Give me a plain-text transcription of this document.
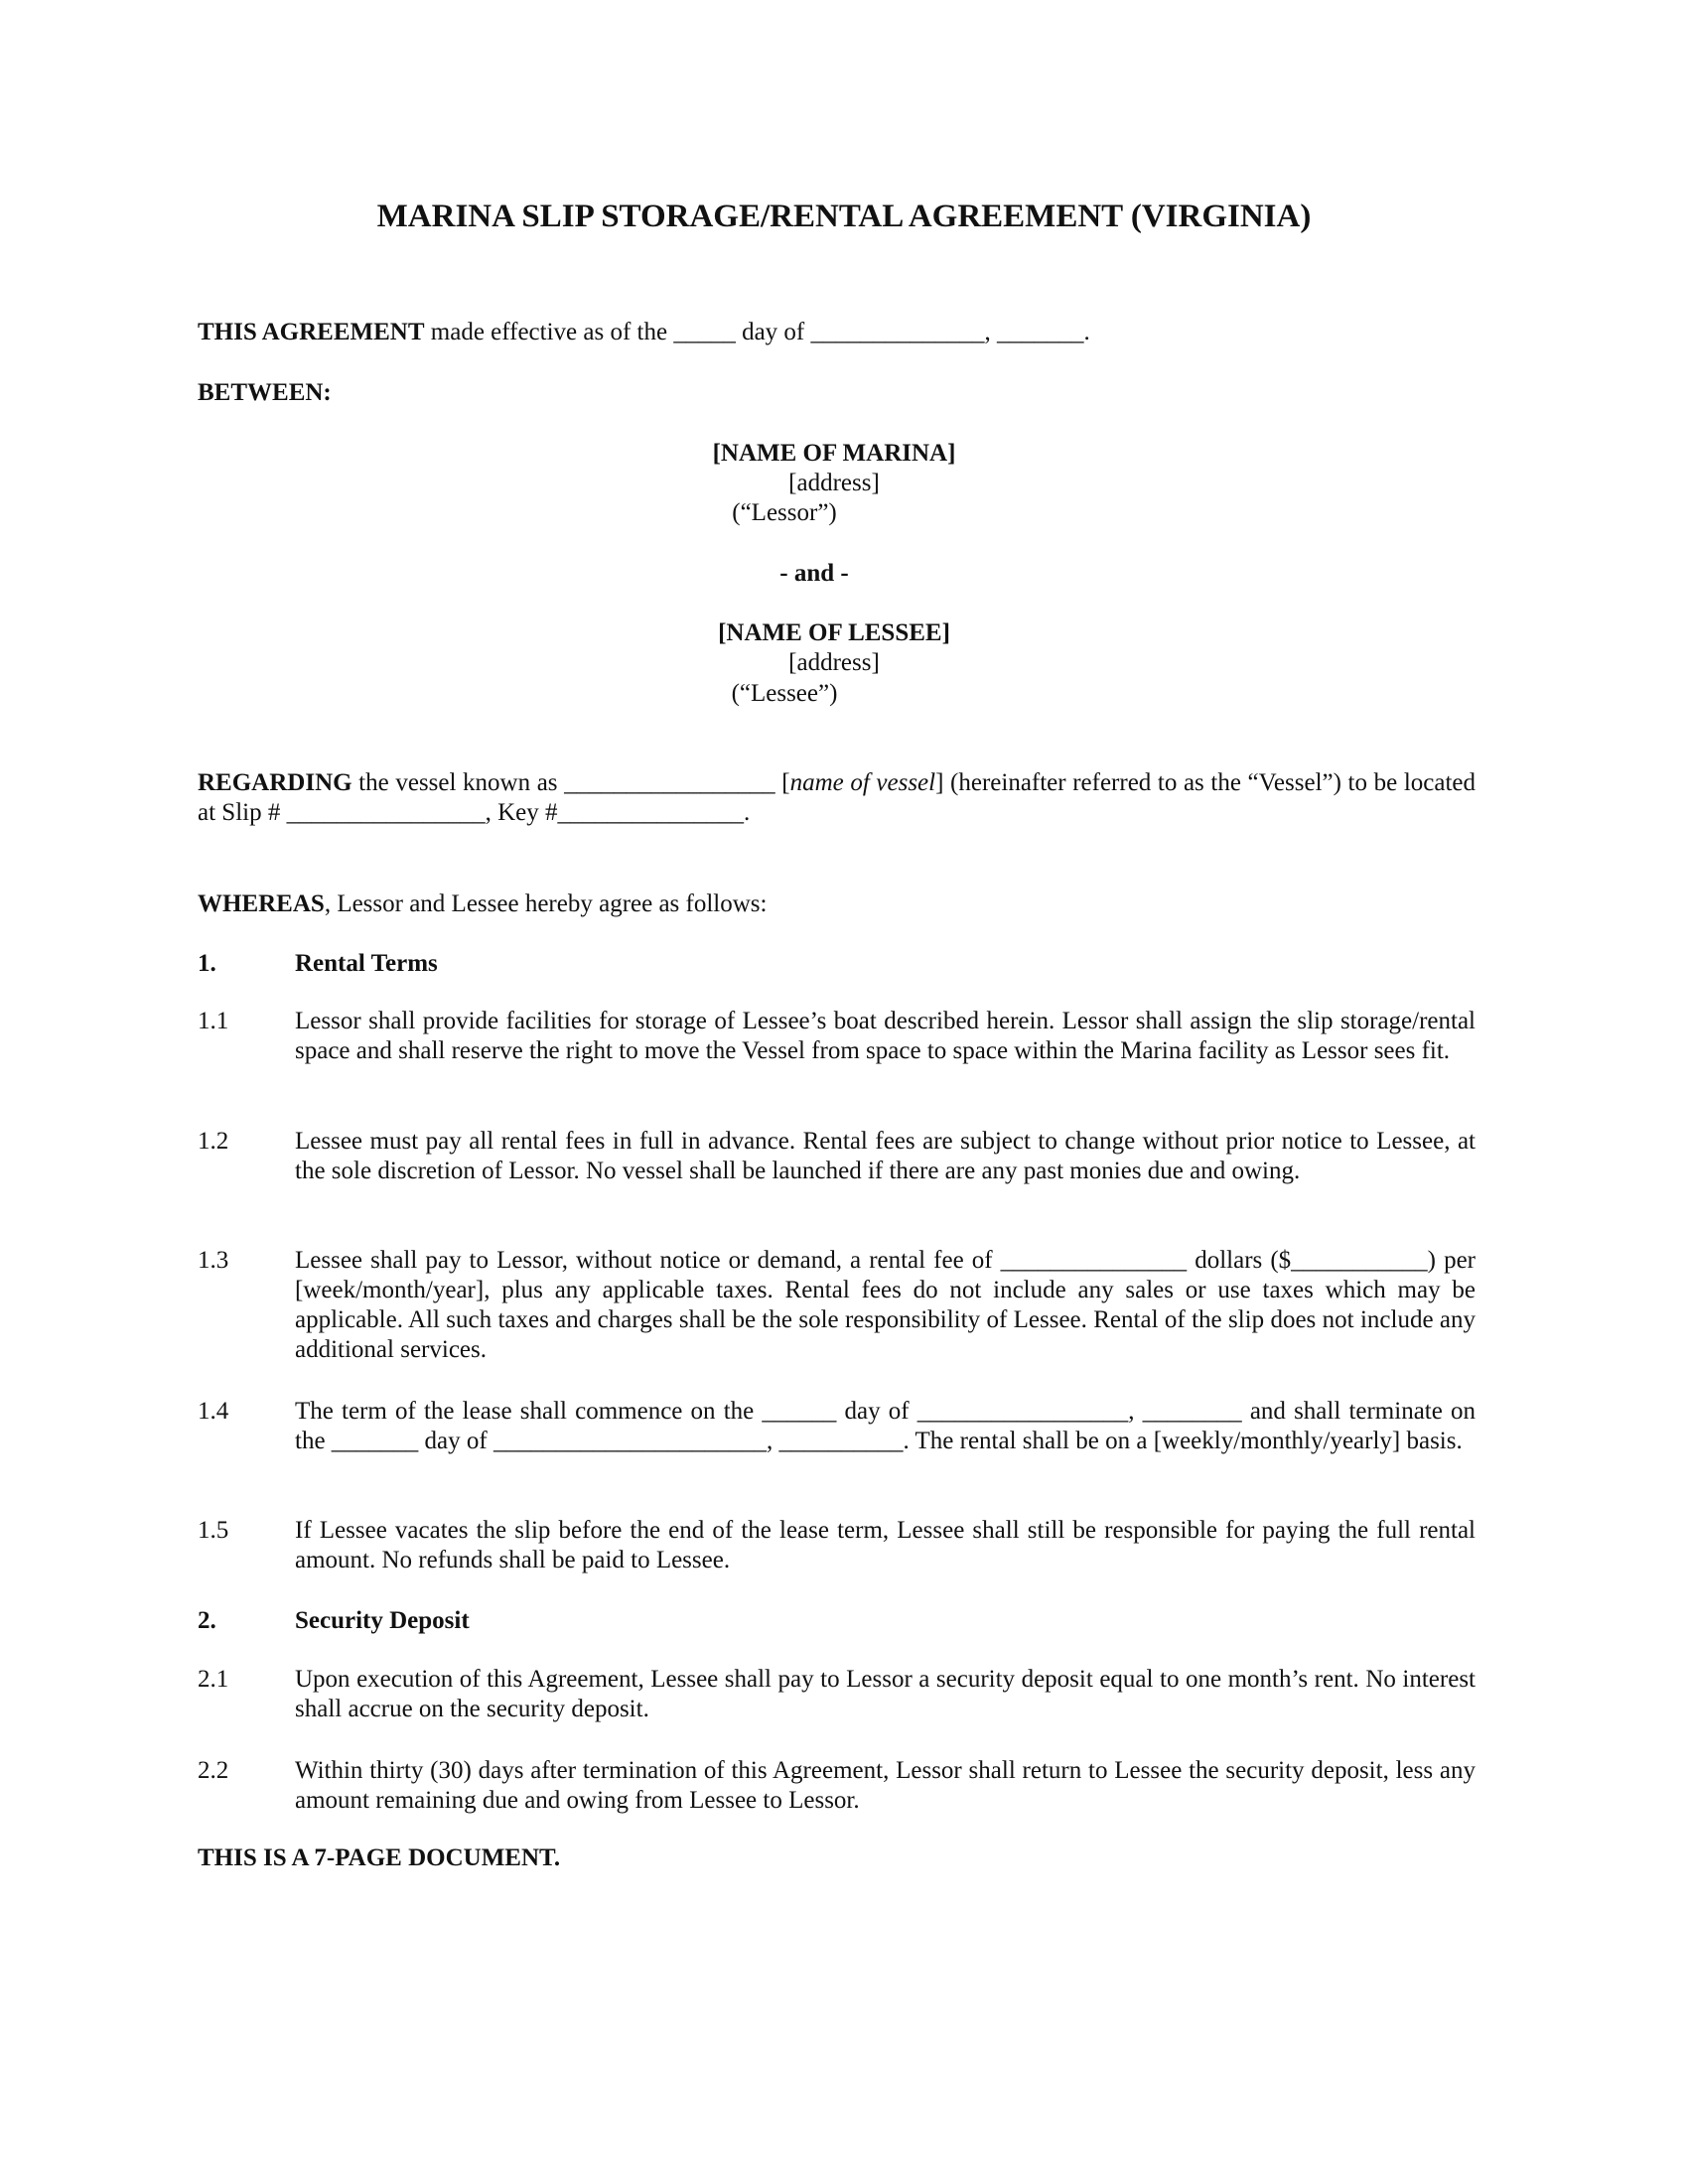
MARINA SLIP STORAGE/RENTAL AGREEMENT (VIRGINIA)
THIS AGREEMENT made effective as of the _____ day of ______________, _______.
BETWEEN:
[NAME OF MARINA]
[address]
(“Lessor”)
- and -
[NAME OF LESSEE]
[address]
(“Lessee”)
REGARDING the vessel known as _________________ [name of vessel] (hereinafter referred to as the “Vessel”) to be located at Slip # ________________, Key #_______________.
WHEREAS, Lessor and Lessee hereby agree as follows:
1.	Rental Terms
1.1	Lessor shall provide facilities for storage of Lessee’s boat described herein. Lessor shall assign the slip storage/rental space and shall reserve the right to move the Vessel from space to space within the Marina facility as Lessor sees fit.
1.2	Lessee must pay all rental fees in full in advance. Rental fees are subject to change without prior notice to Lessee, at the sole discretion of Lessor. No vessel shall be launched if there are any past monies due and owing.
1.3	Lessee shall pay to Lessor, without notice or demand, a rental fee of _______________ dollars ($___________) per [week/month/year], plus any applicable taxes. Rental fees do not include any sales or use taxes which may be applicable. All such taxes and charges shall be the sole responsibility of Lessee. Rental of the slip does not include any additional services.
1.4	The term of the lease shall commence on the ______ day of _________________, ________ and shall terminate on the _______ day of ______________________, __________. The rental shall be on a [weekly/monthly/yearly] basis.
1.5	If Lessee vacates the slip before the end of the lease term, Lessee shall still be responsible for paying the full rental amount. No refunds shall be paid to Lessee.
2.	Security Deposit
2.1	Upon execution of this Agreement, Lessee shall pay to Lessor a security deposit equal to one month’s rent. No interest shall accrue on the security deposit.
2.2	Within thirty (30) days after termination of this Agreement, Lessor shall return to Lessee the security deposit, less any amount remaining due and owing from Lessee to Lessor.
THIS IS A 7-PAGE DOCUMENT.
